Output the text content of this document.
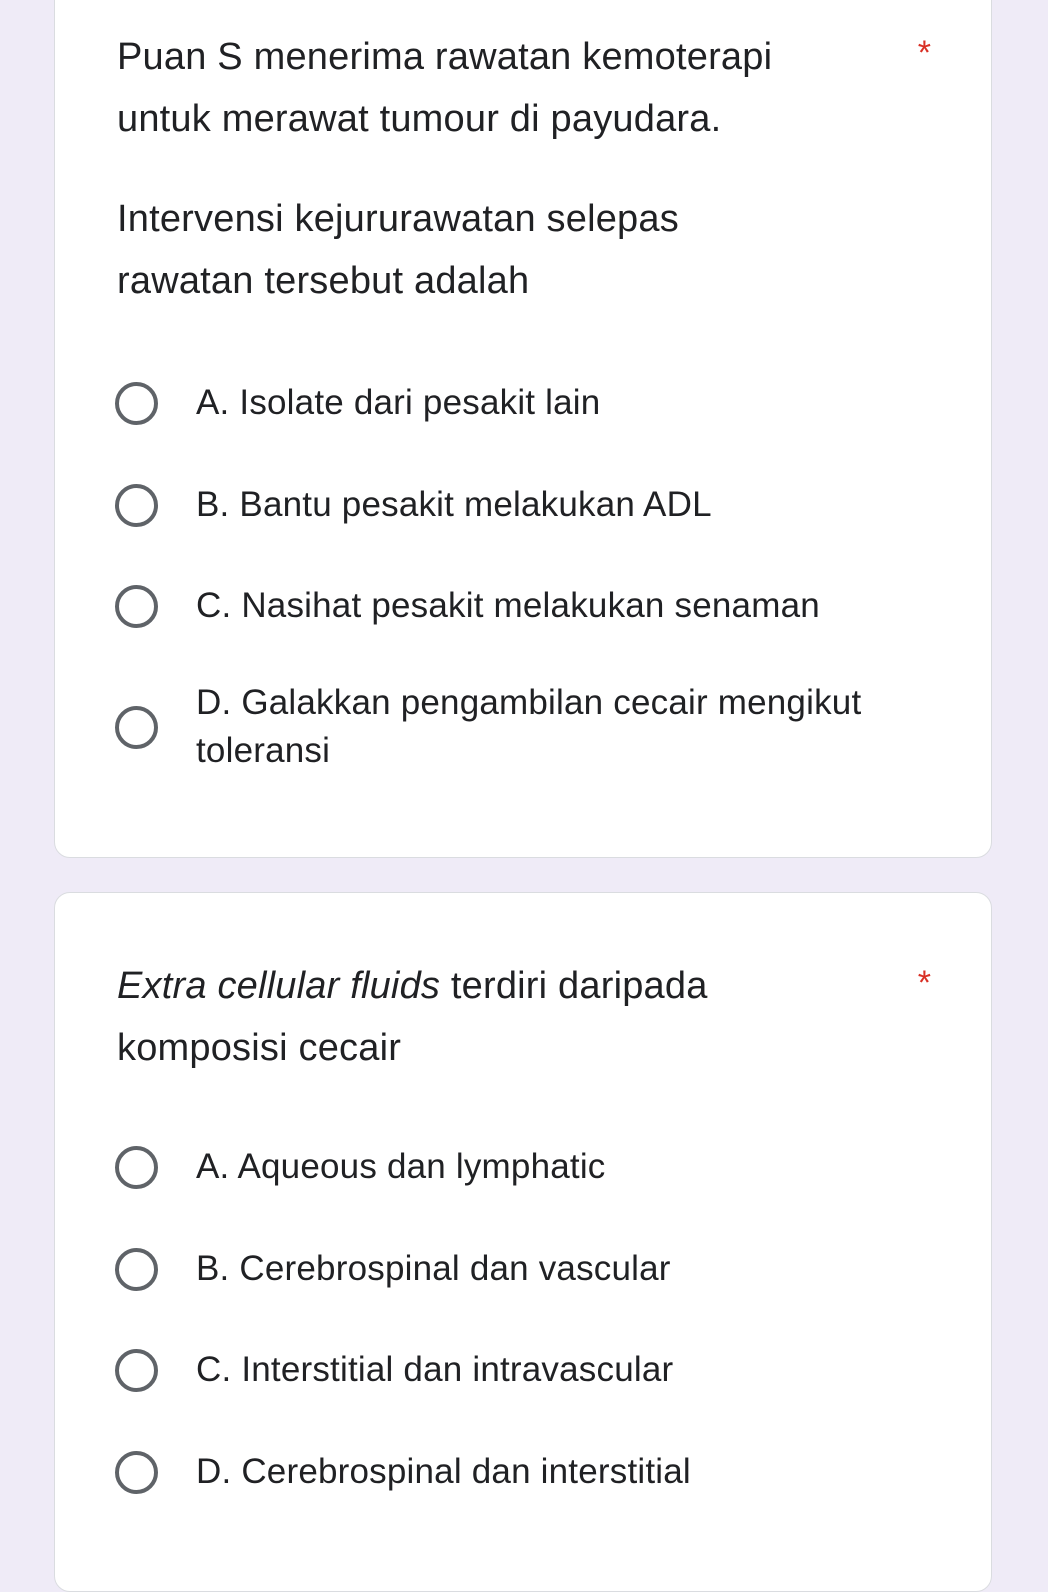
Puan S menerima rawatan kemoterapi untuk merawat tumour di payudara.

Intervensi kejururawatan selepas rawatan tersebut adalah

*
A. Isolate dari pesakit lain
B. Bantu pesakit melakukan ADL
C. Nasihat pesakit melakukan senaman
D. Galakkan pengambilan cecair mengikut toleransi

Extra cellular fluids terdiri daripada komposisi cecair

*
A. Aqueous dan lymphatic
B. Cerebrospinal dan vascular
C. Interstitial dan intravascular
D. Cerebrospinal dan interstitial
